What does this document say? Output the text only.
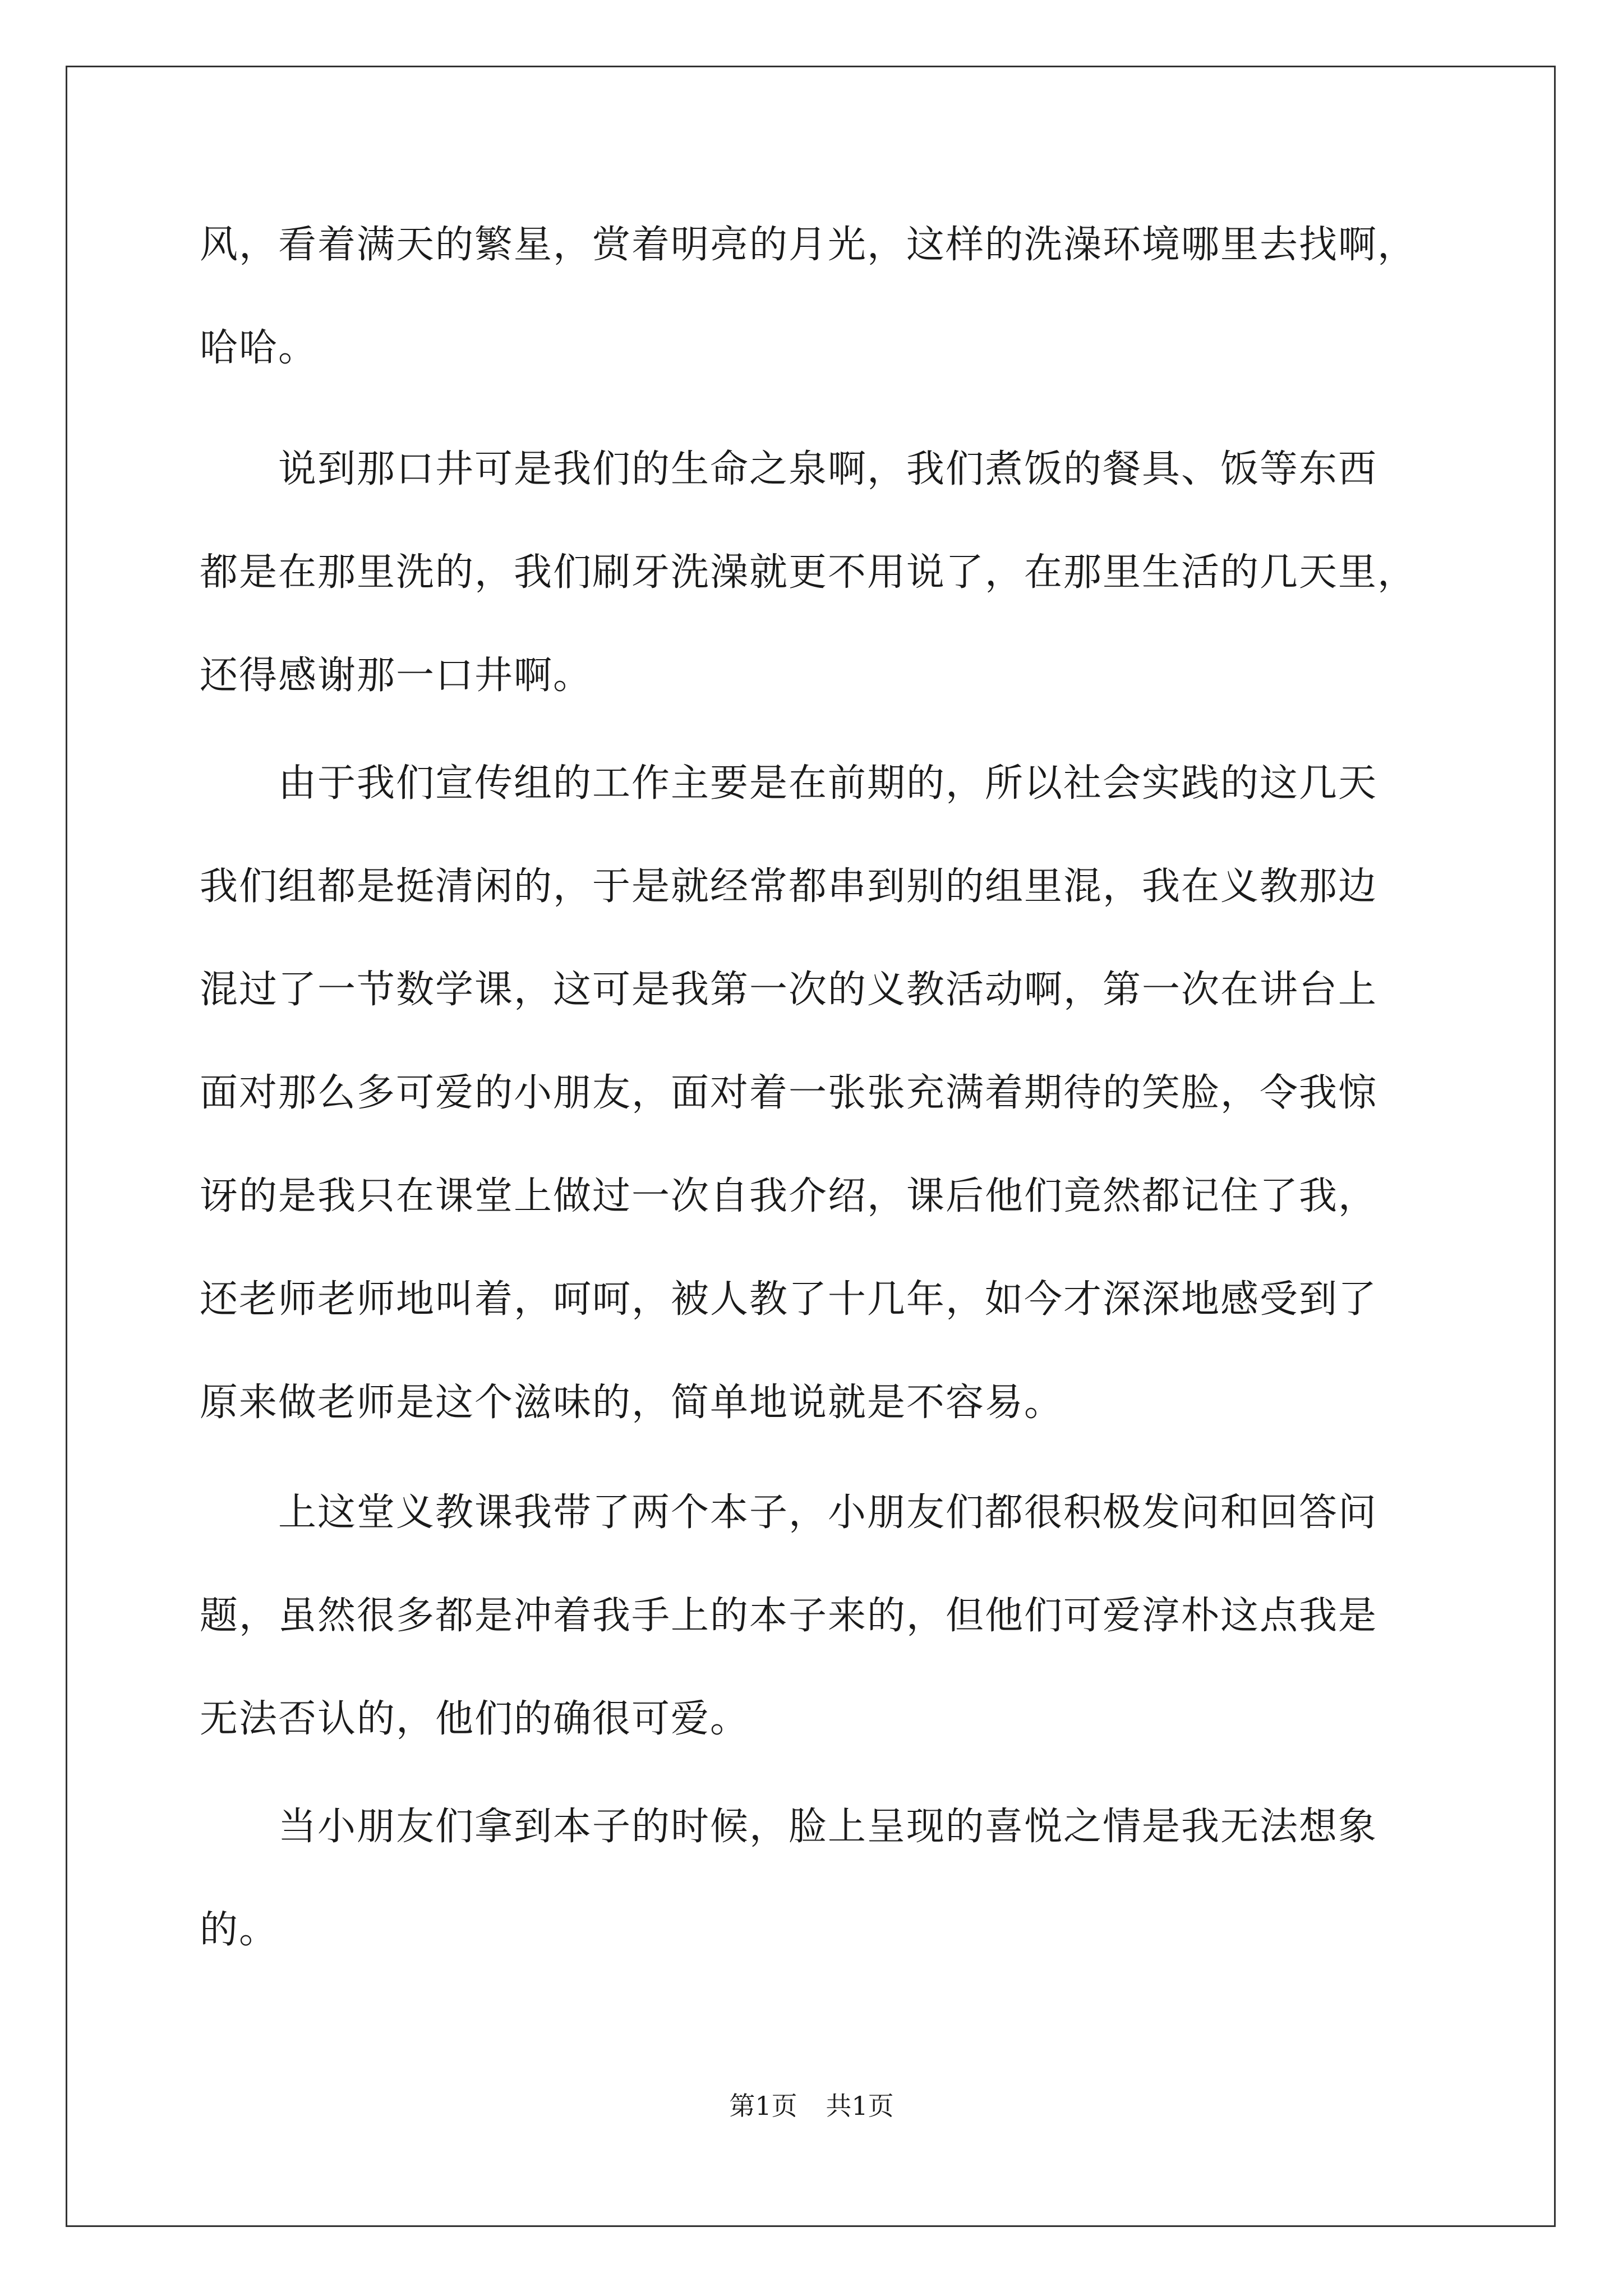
风，看着满天的繁星，赏着明亮的月光，这样的洗澡环境哪里去找啊，
哈哈。
　　说到那口井可是我们的生命之泉啊，我们煮饭的餐具、饭等东西
都是在那里洗的，我们刷牙洗澡就更不用说了，在那里生活的几天里，
还得感谢那一口井啊。
　　由于我们宣传组的工作主要是在前期的，所以社会实践的这几天
我们组都是挺清闲的，于是就经常都串到别的组里混，我在义教那边
混过了一节数学课，这可是我第一次的义教活动啊，第一次在讲台上
面对那么多可爱的小朋友，面对着一张张充满着期待的笑脸，令我惊
讶的是我只在课堂上做过一次自我介绍，课后他们竟然都记住了我，
还老师老师地叫着，呵呵，被人教了十几年，如今才深深地感受到了
原来做老师是这个滋味的，简单地说就是不容易。
　　上这堂义教课我带了两个本子，小朋友们都很积极发问和回答问
题，虽然很多都是冲着我手上的本子来的，但他们可爱淳朴这点我是
无法否认的，他们的确很可爱。
　　当小朋友们拿到本子的时候，脸上呈现的喜悦之情是我无法想象
的。
第1页 共1页
